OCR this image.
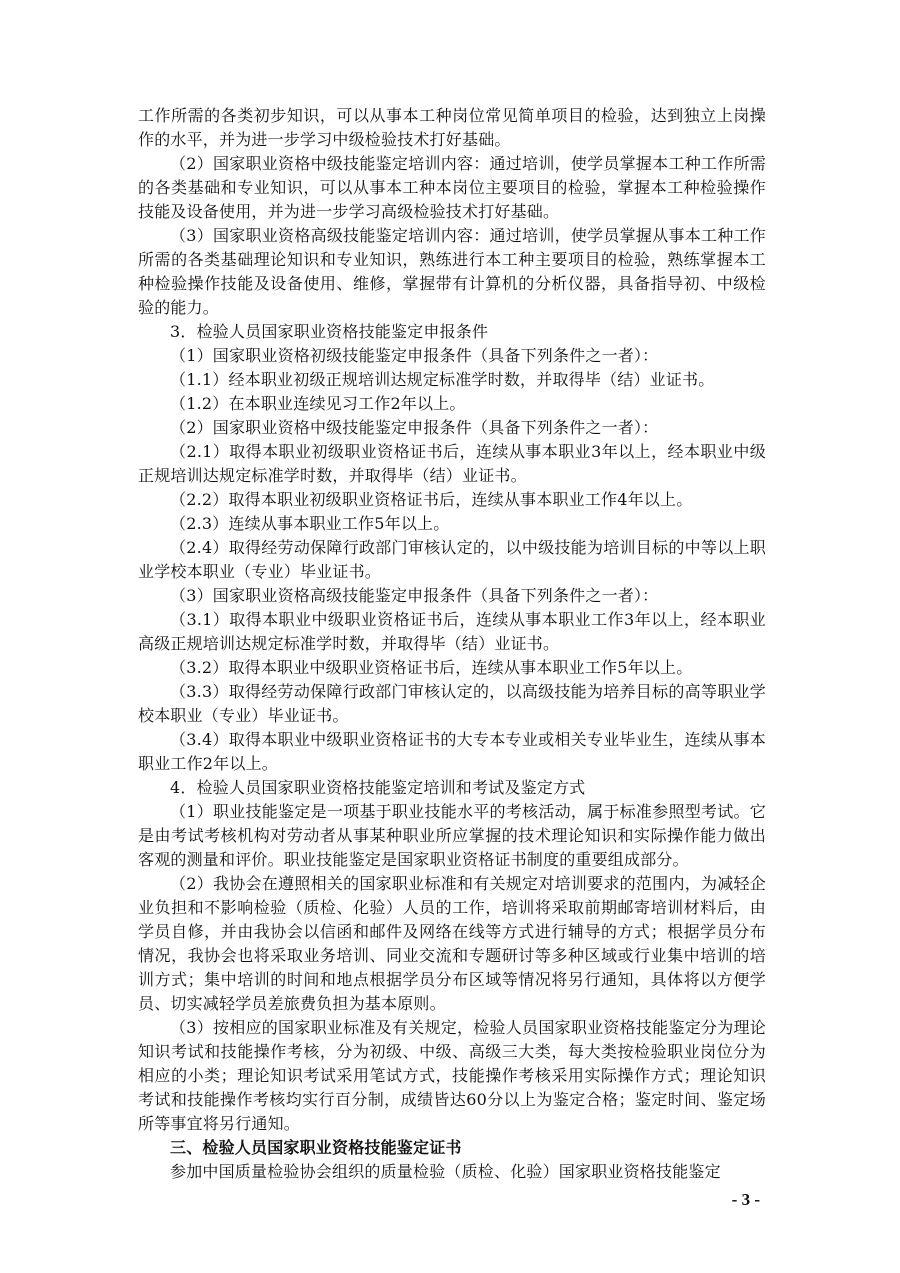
工作所需的各类初步知识，可以从事本工种岗位常见简单项目的检验，达到独立上岗操作的水平，并为进一步学习中级检验技术打好基础。

（2）国家职业资格中级技能鉴定培训内容：通过培训，使学员掌握本工种工作所需的各类基础和专业知识，可以从事本工种本岗位主要项目的检验，掌握本工种检验操作技能及设备使用，并为进一步学习高级检验技术打好基础。

（3）国家职业资格高级技能鉴定培训内容：通过培训，使学员掌握从事本工种工作所需的各类基础理论知识和专业知识，熟练进行本工种主要项目的检验，熟练掌握本工种检验操作技能及设备使用、维修，掌握带有计算机的分析仪器，具备指导初、中级检验的能力。

3．检验人员国家职业资格技能鉴定申报条件

（1）国家职业资格初级技能鉴定申报条件（具备下列条件之一者）：

（1.1）经本职业初级正规培训达规定标准学时数，并取得毕（结）业证书。

（1.2）在本职业连续见习工作2年以上。

（2）国家职业资格中级技能鉴定申报条件（具备下列条件之一者）：

（2.1）取得本职业初级职业资格证书后，连续从事本职业3年以上，经本职业中级正规培训达规定标准学时数，并取得毕（结）业证书。

（2.2）取得本职业初级职业资格证书后，连续从事本职业工作4年以上。

（2.3）连续从事本职业工作5年以上。

（2.4）取得经劳动保障行政部门审核认定的，以中级技能为培训目标的中等以上职业学校本职业（专业）毕业证书。

（3）国家职业资格高级技能鉴定申报条件（具备下列条件之一者）：

（3.1）取得本职业中级职业资格证书后，连续从事本职业工作3年以上，经本职业高级正规培训达规定标准学时数，并取得毕（结）业证书。

（3.2）取得本职业中级职业资格证书后，连续从事本职业工作5年以上。

（3.3）取得经劳动保障行政部门审核认定的，以高级技能为培养目标的高等职业学校本职业（专业）毕业证书。

（3.4）取得本职业中级职业资格证书的大专本专业或相关专业毕业生，连续从事本职业工作2年以上。

4．检验人员国家职业资格技能鉴定培训和考试及鉴定方式

（1）职业技能鉴定是一项基于职业技能水平的考核活动，属于标准参照型考试。它是由考试考核机构对劳动者从事某种职业所应掌握的技术理论知识和实际操作能力做出客观的测量和评价。职业技能鉴定是国家职业资格证书制度的重要组成部分。

（2）我协会在遵照相关的国家职业标准和有关规定对培训要求的范围内，为减轻企业负担和不影响检验（质检、化验）人员的工作，培训将采取前期邮寄培训材料后，由学员自修，并由我协会以信函和邮件及网络在线等方式进行辅导的方式；根据学员分布情况，我协会也将采取业务培训、同业交流和专题研讨等多种区域或行业集中培训的培训方式；集中培训的时间和地点根据学员分布区域等情况将另行通知，具体将以方便学员、切实减轻学员差旅费负担为基本原则。

（3）按相应的国家职业标准及有关规定，检验人员国家职业资格技能鉴定分为理论知识考试和技能操作考核，分为初级、中级、高级三大类，每大类按检验职业岗位分为相应的小类；理论知识考试采用笔试方式，技能操作考核采用实际操作方式；理论知识考试和技能操作考核均实行百分制，成绩皆达60分以上为鉴定合格；鉴定时间、鉴定场所等事宜将另行通知。

三、检验人员国家职业资格技能鉴定证书

参加中国质量检验协会组织的质量检验（质检、化验）国家职业资格技能鉴定

- 3 -
